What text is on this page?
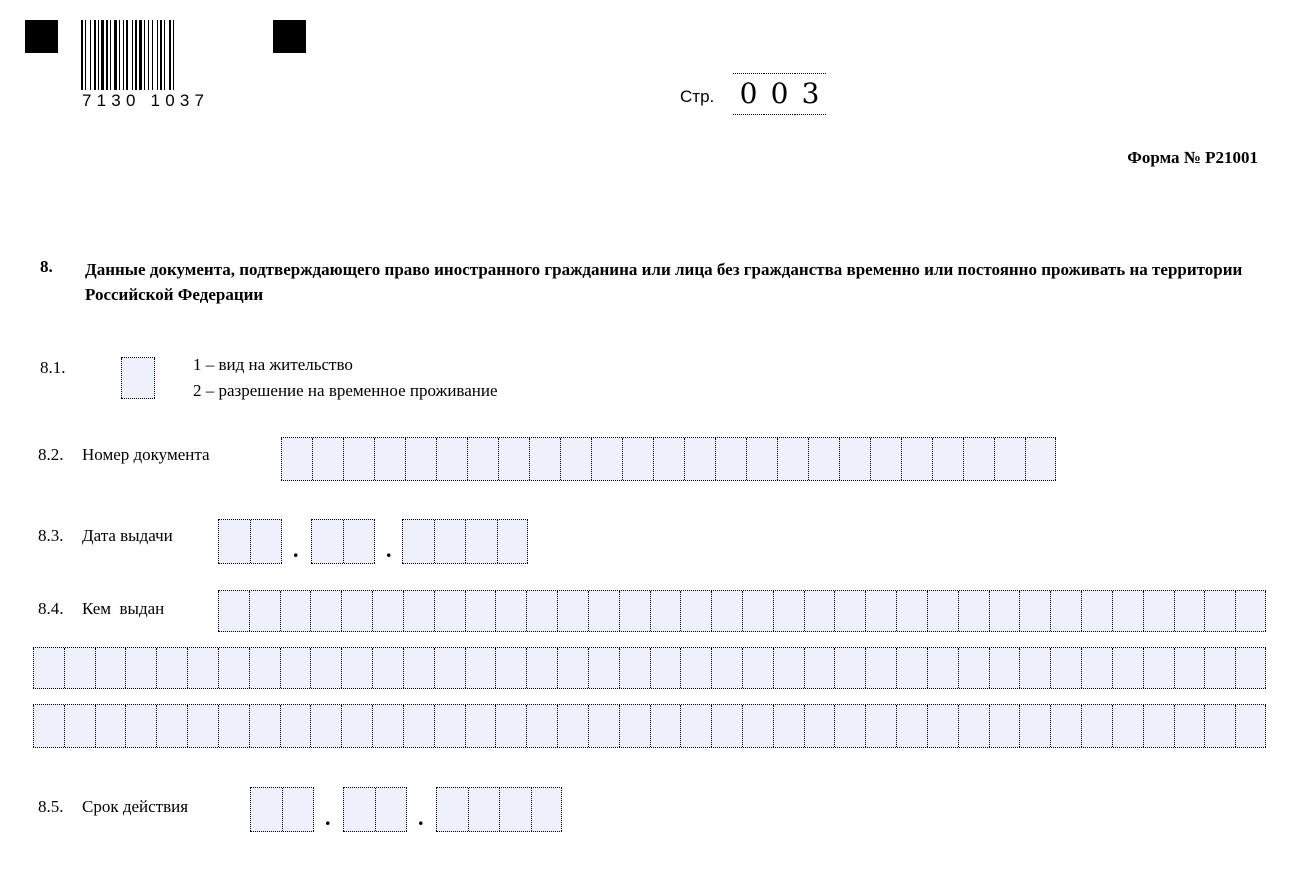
7130 1037	Стр. 0 0 3
Форма № Р21001
8. Данные документа, подтверждающего право иностранного гражданина или лица без гражданства временно или постоянно проживать на территории Российской Федерации
8.1.	1 – вид на жительство
2 – разрешение на временное проживание
8.2. Номер документа
8.3. Дата выдачи
.	.
8.4. Кем  выдан
8.5. Срок действия	.	.
